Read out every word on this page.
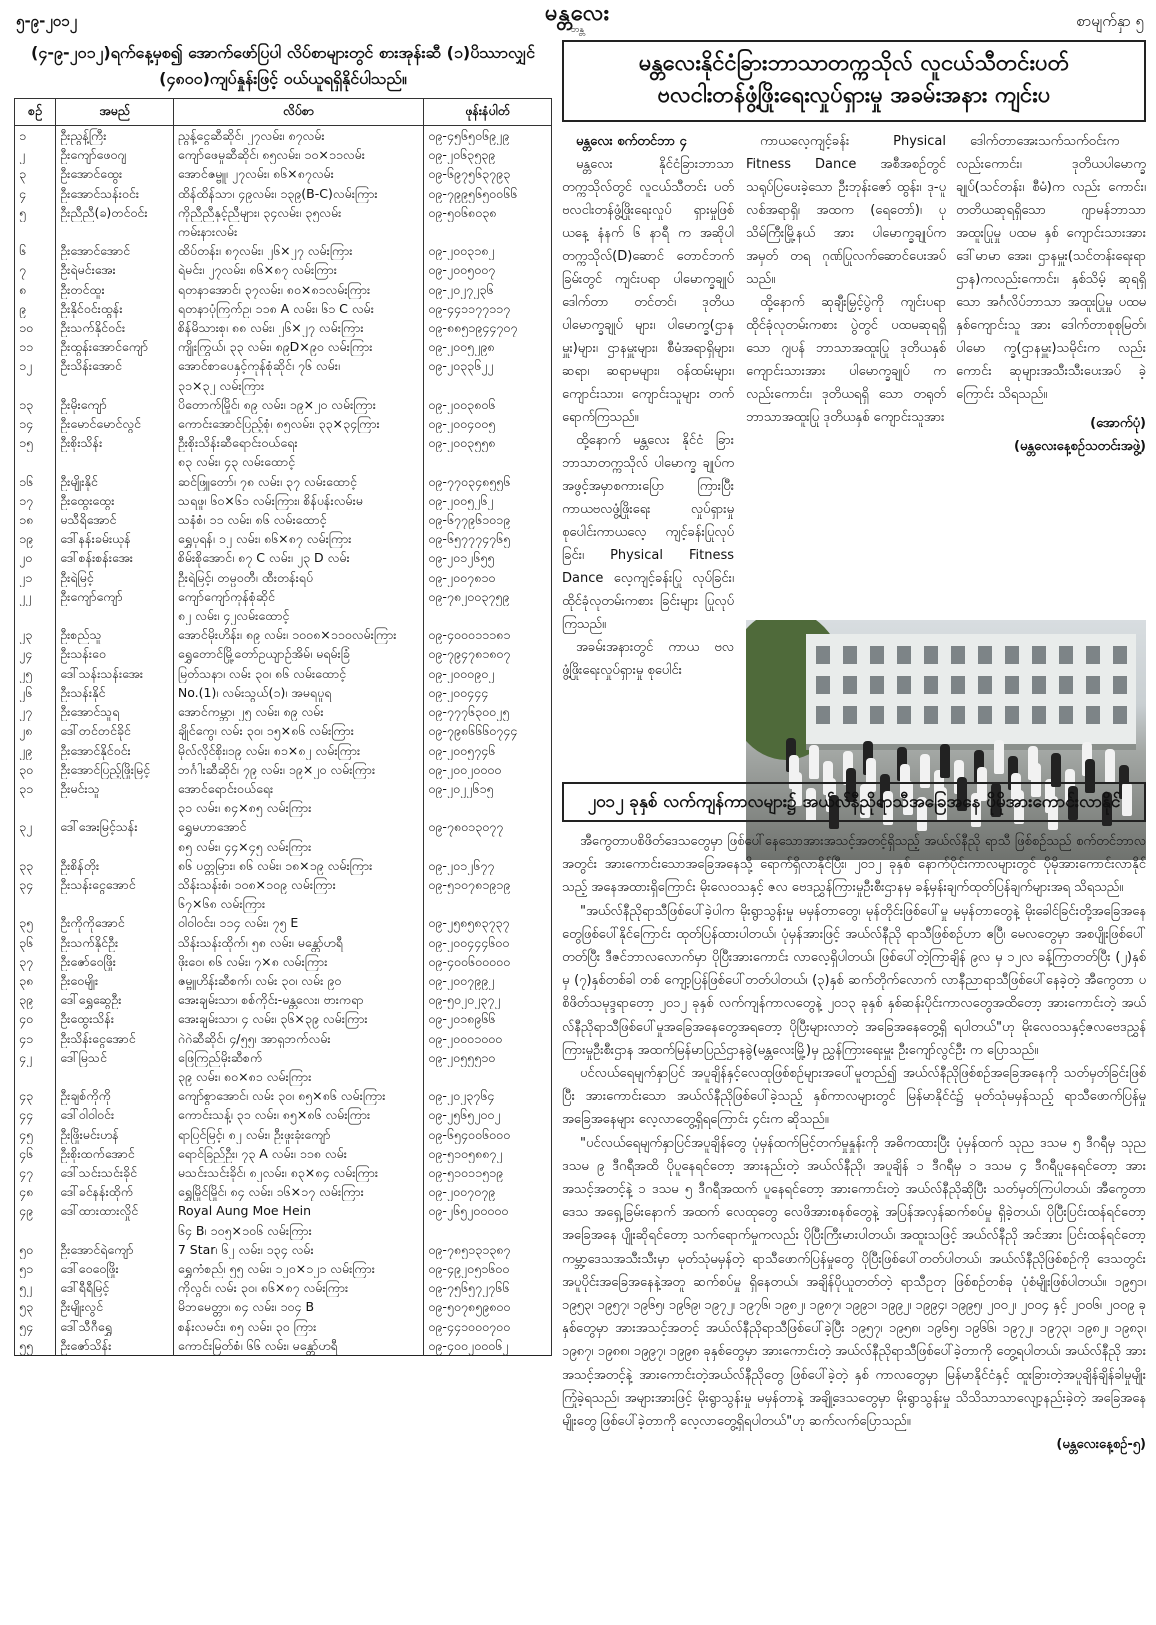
၅-၉-၂၀၁၂	မန္တလေး
ဘန္တ	စာမျက်နှာ ၅
(၄-၉-၂၀၁၂)ရက်နေ့မှစ၍ အောက်ဖော်ပြပါ လိပ်စာများတွင် စားအုန်းဆီ (၁)ပိဿာလျှင် (၄၈၀၀)ကျပ်နှုန်းဖြင့် ဝယ်ယူရရှိနိုင်ပါသည်။
စဉ်	အမည်	လိပ်စာ	ဖုန်းနံပါတ်
၁	ဦးညွန့်ကြီး	ညွန့်ငွေဆီဆိုင်၊ ၂၇လမ်း၊ ၈၇လမ်း	၀၉-၄၅၆၅၀၆၉၂၉
၂	ဦးကျော်ဖေဝဂျ	ကျော်ဖေမှုဆီဆိုင်၊ ၈၅လမ်း၊ ၁၀×၁၁လမ်း	၀၉-၂၀၆၃၅၃၉
၃	ဦးအောင်ထွေး	အောင်ဇမ္ဗူ၊ ၂၇လမ်း၊ ၈၆×၈၇လမ်း	၀၉-၆၉၇၅၆၃၇၉၃
၄	ဦးအောင်သန်းဝင်း	ထိန်ထိန်သာ၊ ၄၉လမ်း၊ ၁၃၉(B-C)လမ်းကြား	၀၉-၇၉၉၅၆၅၀၀၆၆
၅	ဦးညီညီ(ခ)တင်ဝင်း	ကိုညီညီနှင့်ညီများ၊ ၃၄လမ်း၊ ၃၅လမ်း	၀၉-၅၀၆၈၀၃၈
		ကမ်းနားလမ်း	
၆	ဦးအောင်အောင်	ထိပ်တန်း၊ ၈၇လမ်း၊ ၂၆×၂၇ လမ်းကြား	၀၉-၂၀၀၃၁၈၂
၇	ဦးရဲမင်းအေး	ရဲမင်း၊ ၂၇လမ်း၊ ၈၆×၈၇ လမ်းကြား	၀၉-၂၀၀၅၀၀၇
၈	ဦးတင်ထူး	ရတနာအောင်၊ ၃၇လမ်း၊ ၈၀×၈၁လမ်းကြား	၀၉-၂၀၂၇၂၃၆
၉	ဦးနိုင်ဝင်းထွန်း	ရတနာပုံကြက်ဥ၊ ၁၁၈ A လမ်း၊ ၆၁ C လမ်း	၀၉-၄၄၁၁၇၇၁၁၇
၁၀	ဦးသက်နိုင်ဝင်း	စိန်မိသားစု၊ ၈၈ လမ်း၊ ၂၆×၂၇ လမ်းကြား	၀၉-၈၈၅၁၉၄၄၇၀၇
၁၁	ဦးထွန်းအောင်ကျော်	ကျိုးကြွယ်၊ ၃၃ လမ်း၊ ၈၉D×၉၀ လမ်းကြား	၀၉-၂၀၀၅၂၉၈
၁၂	ဦးသိန်းအောင်	အောင်စာပေနှင့်ကုန်စုံဆိုင်၊ ၇၆ လမ်း၊	၀၉-၂၀၃၃၆၂၂
		၃၁×၃၂ လမ်းကြား	
၁၃	ဦးမိုးကျော်	ပိတောက်မြိုင်၊ ၈၉ လမ်း၊ ၁၉×၂၀ လမ်းကြား	၀၉-၂၀၀၃၈၀၆
၁၄	ဦးမောင်မောင်လွင်	ကောင်းအောင်ပြည့်စုံ၊ ၈၅လမ်း၊ ၃၃×၃၄ကြား	၀၉-၂၀၀၄၀၀၅
၁၅	ဦးစိုးသိန်း	ဦးစိုးသိန်းဆီရောင်းဝယ်ရေး	၀၉-၂၀၀၃၅၅၈
		၈၃ လမ်း၊ ၄၃ လမ်းထောင့်	
၁၆	ဦးမျိုးနိုင်	ဆင်ဖြူတော်၊ ၇၈ လမ်း၊ ၃၇ လမ်းထောင့်	၀၉-၇၇၀၃၄၈၅၅၆
၁၇	ဦးထွေးထွေး	သရဖူ၊ ၆၀×၆၁ လမ်းကြား၊ စိန်ပန်းလမ်းမ	၀၉-၂၀၀၅၂၆၂
၁၈	မသီရိအောင်	သနံစံ၊ ၁၁ လမ်း၊ ၈၆ လမ်းထောင့်	၀၉-၆၇၇၉၆၁၀၁၉
၁၉	ဒေါ်နန်းခမ်းယုန်	ရွှေပုရန်၊ ၁၂ လမ်း၊ ၈၆×၈၇ လမ်းကြား	၀၉-၆၅၇၇၇၄၇၆၅
၂၀	ဒေါ်စန်းစန်းအေး	စိမ်းစိုအောင်၊ ၈၇ C လမ်း၊ ၂၃ D လမ်း	၀၉-၂၀၁၂၆၅၅
၂၁	ဦးရဲမြင့်	ဦးရဲမြင့်၊ တမ္ပဝတီ၊ ထီးတန်းရပ်	၀၉-၂၀၀၇၈၁၀
၂၂	ဦးကျော်ကျော်	ကျော်ကျော်ကုန်စုံဆိုင်	၀၉-၇၈၂၀၀၃၇၅၉
		၈၂ လမ်း၊ ၄၂လမ်းထောင့်	
၂၃	ဦးစည်သူ	အောင်မိုးဟိန်း၊ ၈၉ လမ်း၊ ၁၀၀၈×၁၁၀လမ်းကြား	၀၉-၄၀၀၀၁၁၁၈၁
၂၄	ဦးသန်းဝေ	ရွှေတောင်မြို့တော်ဥယျာဉ်အိမ်၊ မရမ်းခြံ	၀၉-၇၉၄၇၈၁၈၀၇
၂၅	ဒေါ်သန်းသန်းအေး	မြတ်သနာ၊ လမ်း ၃၀၊ ၈၆ လမ်းထောင့်	၀၉-၂၀၀၀၉၀၂
၂၆	ဦးသန်းနိုင်	No.(1)၊ လမ်းသွယ်(၁)၊ အမရပူရ	၀၉-၂၀၀၄၄၄
၂၇	ဦးအောင်သူရ	အောင်ကမ္ဘာ၊ ၂၅ လမ်း၊ ၈၉ လမ်း	၀၉-၇၇၇၆၃၀၀၂၅
၂၈	ဒေါ်တင်တင်ခိုင်	ချိုင်ကွေ၊ လမ်း ၃၀၊ ၁၅×၈၆ လမ်းကြား	၀၉-၇၉၈၆၆၆၀၇၄၄
၂၉	ဦးအောင်နိုင်ဝင်း	မိုလ်လိုင်စိုး၊၁၉ လမ်း၊ ၈၁×၈၂ လမ်းကြား	၀၉-၂၀၀၅၇၄၆
၃၀	ဦးအောင်ပြည့်ဖြိုးမြင့်	ဘင်္ဂါးဆီဆိုင်၊ ၇၉ လမ်း၊ ၁၉×၂၀ လမ်းကြား	၀၉-၂၀၀၂၀၀၀၀
၃၁	ဦးမင်းသူ	အောင်ရောင်းဝယ်ရေး	၀၉-၂၀၂၂၆၁၅
		၃၁ လမ်း၊ ၈၄×၈၅ လမ်းကြား	
၃၂	ဒေါ်အေးမြင့်သန်း	ရွှေမဟာအောင်	၀၉-၇၈၀၁၃၀၇၇
		၈၅ လမ်း၊ ၄၄×၄၅ လမ်းကြား	
၃၃	ဦးစိန်တိုး	၈၆ ပတ္တမြား၊ ၈၆ လမ်း၊ ၁၈×၁၉ လမ်းကြား	၀၉-၂၀၁၂၆၇၇
၃၄	ဦးသန်းငွေအောင်	သိန်းသန်းစံ၊ ၁၀၈×၁၀၉ လမ်းကြား	၀၉-၅၁၀၇၈၁၉၁၉
		၆၇×၆၈ လမ်းကြား	
၃၅	ဦးကိုကိုအောင်	ဝါဝါဝင်း၊ ၁၁၄ လမ်း၊ ၇၅ E	၀၉-၂၅၈၅၈၃၇၃၇
၃၆	ဦးသက်နိုင်ဦး	သိန်းသန်းထိုက်၊ ၅၈ လမ်း၊ မန္တော်ဟရီ	၀၉-၂၀၀၄၄၄၆၀၀
၃၇	ဦးဇော်ဝေဖြိုး	ဖိုးဝေ၊ ၈၆ လမ်း၊ ၇×၈ လမ်းကြား	၀၉-၄၀၀၆၀၀၀၀၀
၃၈	ဦးဝေမျိုး	ဇမ္ဗူဟိန်းဆီစက်၊ လမ်း ၃၀၊ လမ်း ၉၀	၀၉-၂၀၀၇၉၉၂
၃၉	ဒေါ်ရွှေဆွေဦး	အေးချမ်းသာ၊ စစ်ကိုင်း-မန္တလေး၊ ဗားကရာ	၀၉-၅၀၂၀၂၃၇၂
၄၀	ဦးထွေးသိန်း	အေးချမ်းသာ၊ ၄ လမ်း၊ ၃၆×၃၉ လမ်းကြား	၀၉-၂၀၁၈၉၆၆
၄၁	ဦးသိန်းငွေအောင်	ဂဲဂဲဆီဆိုင်၊ ၄/၅၅၊ အာရှဘက်လမ်း	၀၉-၂၀၀၀၁၀၀၀
၄၂	ဒေါ်မြသင်	ဖြေကြည်မိုးဆီစက်	၀၉-၂၀၅၅၅၁၀
		၃၉ လမ်း၊ ၈၀×၈၁ လမ်းကြား	
၄၃	ဦးချစ်ကိုကို	ကျော်စွာအောင်၊ လမ်း ၃၀၊ ၈၅×၈၆ လမ်းကြား	၀၉-၂၀၂၃၇၆၄
၄၄	ဒေါ်ဝါဝါဝင်း	ကောင်းသန့်၊ ၃၁ လမ်း၊ ၈၅×၈၆ လမ်းကြား	၀၉-၂၅၆၅၂၀၀၂
၄၅	ဦးဖြိုးမင်းဟန်	ရာပြင်မြင့်၊ ၈၂ လမ်း၊ ဦးဖူးခုံးကျော်	၀၉-၆၅၄၀၀၆၀၀၀
၄၆	ဦးစိုးထက်အောင်	ရောင်ခြည်ဦး၊ ၇၃ A လမ်း၊ ၁၁၈ လမ်း	၀၉-၅၁၀၅၈၈၇၂
၄၇	ဒေါ်သင်းသင်းခိုင်	မသင်းသင်းခိုင်၊ ၈၂လမ်း၊ ၈၃×၈၄ လမ်းကြား	၀၉-၅၁၀၁၁၅၁၉
၄၈	ဒေါ်ခင်နန်းထိုက်	ရွှေမြိုင်မြိုင်၊ ၈၄ လမ်း၊ ၁၆×၁၇ လမ်းကြား	၀၉-၂၀၀၇၀၇၉
၄၉	ဒေါ်ထားထားလှိုင်	Royal Aung Moe Hein	၀၉-၂၆၅၂၀၀၀၀၀
		၆၄ B၊ ၁၀၅×၁၀၆ လမ်းကြား	
၅၀	ဦးအောင်ရဲကျော်	7 Star၊ ၆၂ လမ်း၊ ၁၃၄ လမ်း	၀၉-၇၈၅၁၃၁၃၈၇
၅၁	ဒေါ်ဝေဝေဖြိုး	ရွှေကံစည်၊ ၅၅ လမ်း၊ ၁၂၀×၁၂၁ လမ်းကြား	၀၉-၄၉၂၀၅၁၆၀၀
၅၂	ဒေါ်ရီရီမြင့်	ကိုလွင်၊ လမ်း ၃၀၊ ၈၆×၈၇ လမ်းကြား	၀၉-၇၅၆၅၇၂၇၆၆
၅၃	ဦးမျိုးလွင်	မိဘမေတ္တာ၊ ၈၄ လမ်း၊ ၁၀၄ B	၀၉-၅၀၇၈၅၉၈၀၀
၅၄	ဒေါ်သီဂီရွှေ	စန်းလမင်း၊ ၈၅ လမ်း၊ ၃၀ ကြား	၀၉-၄၄၁၀၀၀၇၀၀
၅၅	ဦးဇော်သိန်း	ကောင်းမြတ်စံ၊ ၆၆ လမ်း၊ မန္တော်ဟရီ	၀၉-၄၀၀၂၀၀၀၆၂
မန္တလေးနိုင်ငံခြားဘာသာတက္ကသိုလ် လူငယ်သီတင်းပတ်
ဗလငါးတန်ဖွံ့ဖြိုးရေးလှုပ်ရှားမှု အခမ်းအနား ကျင်းပ

မန္တလေး စက်တင်ဘာ ၄

မန္တလေး နိုင်ငံခြားဘာသာ တက္ကသိုလ်တွင် လူငယ်သီတင်း ပတ် ဗလငါးတန်ဖွံ့ဖြိုးရေးလှုပ် ရှားမှုဖြစ် ယနေ့ နံနက် ၆ နာရီ က အဆိုပါတက္ကသိုလ်(D)ဆောင် တောင်ဘက်ခြမ်းတွင် ကျင်းပရာ ပါမောက္ခချုပ် ဒေါက်တာ တင်တင်၊ ဒုတိယပါမောက္ခချုပ် များ၊ ပါမောက္ခ(ဌာနမှူး)များ၊ ဌာနမှူးများ၊ စီမံအရာရှိများ၊ ဆရာ၊ ဆရာမများ၊ ဝန်ထမ်းများ၊ ကျောင်းသား၊ ကျောင်းသူများ တက်ရောက်ကြသည်။

ထို့နောက် မန္တလေး နိုင်ငံ ခြားဘာသာတက္ကသိုလ် ပါမောက္ခ ချုပ်က အဖွင့်အမှာစကားပြော ကြားပြီး ကာယဗလဖွံ့ဖြိုးရေး လှုပ်ရှားမှု စုပေါင်းကာယလေ့ ကျင့်ခန်းပြုလုပ်ခြင်း၊ Physical Fitness Dance လေ့ကျင့်ခန်းပြု လုပ်ခြင်း၊ ထိုင်ခုံလုတမ်းကစား ခြင်းများ ပြုလုပ်ကြသည်။

အခမ်းအနားတွင် ကာယ ဗလ ဖွံ့ဖြိုးရေးလှုပ်ရှားမှု စုပေါင်း

ကာယလေ့ကျင့်ခန်း Physical Fitness Dance အစီအစဉ်တွင် သရုပ်ပြပေးခဲ့သော ဦးဘုန်းဇော် ထွန်း၊ ဒု-ပူလစ်အရာရှိ၊ အထက (ရေတော်)၊ ပုသိမ်ကြီးမြို့နယ် အား ပါမောက္ခချုပ်က အမှတ် တရ ဂုဏ်ပြုလက်ဆောင်ပေးအပ် သည်။

ထို့နောက် ဆုချီးမြှင့်ပွဲကို ကျင်းပရာ ထိုင်ခုံလုတမ်းကစား ပွဲတွင် ပထမဆုရရှိသော ဂျပန် ဘာသာအထူးပြု ဒုတိယနှစ် ကျောင်းသားအား ပါမောက္ခချုပ် ကလည်းကောင်း၊ ဒုတိယရရှိ သော တရုတ်ဘာသာအထူးပြု ဒုတိယနှစ် ကျောင်းသူအား

ဒေါက်တာအေးသက်သက်ဝင်းက လည်းကောင်း၊ ဒုတိယပါမောက္ခ ချုပ်(သင်တန်း၊ စီမံ)က လည်း ကောင်း၊ တတိယဆုရရှိသော ဂျာမန်ဘာသာအထူးပြုမှု ပထမ နှစ် ကျောင်းသားအား ဒေါ်မာမာ အေး၊ ဌာနမှူး(သင်တန်းရေးရာ ဌာန)ကလည်းကောင်း၊ နှစ်သိမ့် ဆုရရှိသော အင်္ဂလိပ်ဘာသာ အထူးပြုမှု ပထမနှစ်ကျောင်းသူ အား ဒေါက်တာစုစုမြတ်၊ ပါမော က္ခ(ဌာနမှူး)သမိုင်းက လည်း ကောင်း ဆုများအသီးသီးပေးအပ် ခဲ့ကြောင်း သိရသည်။

(အောက်ပုံ)
(မန္တလေးနေ့စဉ်သတင်းအဖွဲ့)
၂၀၁၂ ခုနှစ် လက်ကျန်ကာလများ၌ အယ်လ်နီညိုရာသီအခြေအနေ ပိုမိုအားကောင်းလာနိုင်

အီကွေတာပစိဖိတ်ဒေသတွေမှာ ဖြစ်ပေါ်နေသောအားအသင့်အတင့်ရှိသည့် အယ်လ်နီညို ရာသီ ဖြစ်စဉ်သည် စက်တင်ဘာလအတွင်း အားကောင်းသောအခြေအနေသို့ ရောက်ရှိလာနိုင်ပြီး၊ ၂၀၁၂ ခုနှစ် နောက်ပိုင်းကာလများတွင် ပိုမိုအားကောင်းလာနိုင်သည့် အနေအထားရှိကြောင်း မိုးလေဝသနှင့် ဇလ ဗေဒညွှန်ကြားမှုဦးစီးဌာနမှ ခန့်မှန်းချက်ထုတ်ပြန်ချက်များအရ သိရသည်။

"အယ်လ်နီညိုရာသီဖြစ်ပေါ်ခဲ့ပါက မိုးရွာသွန်းမှု မမှန်တာတွေ၊ မုန်တိုင်းဖြစ်ပေါ်မှု မမှန်တာတွေနဲ့ မိုးခေါင်ခြင်းတို့အခြေအနေတွေဖြစ်ပေါ်နိုင်ကြောင်း ထုတ်ပြန်ထားပါတယ်၊ ပုံမှန်အားဖြင့် အယ်လ်နီညို ရာသီဖြစ်စဉ်ဟာ ဧပြီ၊ မေလတွေမှာ အစပျိုးဖြစ်ပေါ်တတ်ပြီး ဒီဇင်ဘာလလောက်မှာ ပိုပြီးအားကောင်း လာလေ့ရှိပါတယ်၊ ဖြစ်ပေါ်တဲ့ကြာချိန် ၉လ မှ ၁၂လ ခန့်ကြာတတ်ပြီး (၂)နှစ်မှ (၇)နှစ်တစ်ခါ တစ် ကျော့ပြန်ဖြစ်ပေါ်တတ်ပါတယ်၊ (၃)နှစ် ဆက်တိုက်လောက် လာနီညာရာသီဖြစ်ပေါ်နေခဲ့တဲ့ အီကွေတာ ပစိဖိတ်သမုဒ္ဒရာတော့ ၂၀၁၂ ခုနှစ် လက်ကျန်ကာလတွေနဲ့ ၂၀၁၃ ခုနှစ် နှစ်ဆန်းပိုင်းကာလတွေအထိတော့ အားကောင်းတဲ့ အယ်လ်နီညိုရာသီဖြစ်ပေါ်မှုအခြေအနေတွေအရတော့ ပိုပြီးများလာတဲ့ အခြေအနေတွေ့ရှိ ရပါတယ်"ဟု မိုးလေဝသနှင့်ဇလဗေဒညွှန်ကြားမှုဦးစီးဌာန အထက်မြန်မာပြည်ဌာနခွဲ(မန္တလေးမြို့)မှ ညွှန်ကြားရေးမှူး ဦးကျော်လွင်ဦး က ပြောသည်။

ပင်လယ်ရေမျက်နှာပြင် အပူချိန်နှင့်လေထုဖြစ်စဉ်များအပေါ်မူတည်၍ အယ်လ်နီညိုဖြစ်စဉ်အခြေအနေကို သတ်မှတ်ခြင်းဖြစ်ပြီး အားကောင်းသော အယ်လ်နီညိုဖြစ်ပေါ်ခဲ့သည့် နှစ်ကာလများတွင် မြန်မာနိုင်ငံ၌ မုတ်သုံမမှန်သည့် ရာသီဖောက်ပြန်မှုအခြေအနေများ လေ့လာတွေ့ရှိရကြောင်း ၄င်းက ဆိုသည်။

"ပင်လယ်ရေမျက်နှာပြင်အပူချိန်တွေ ပုံမှန်ထက်မြင့်တက်မှုနှုန်းကို အဓိကထားပြီး ပုံမှန်ထက် သုည ဒသမ ၅ ဒီဂရီမှ သုည ဒသမ ၉ ဒီဂရီအထိ ပိုပူနေရင်တော့ အားနည်းတဲ့ အယ်လ်နီညို၊ အပူချိန် ၁ ဒီဂရီမှ ၁ ဒသမ ၄ ဒီဂရီပူနေရင်တော့ အားအသင့်အတင့်နဲ့ ၁ ဒသမ ၅ ဒီဂရီအထက် ပူနေရင်တော့ အားကောင်းတဲ့ အယ်လ်နီညိုဆိုပြီး သတ်မှတ်ကြပါတယ်၊ အီကွေတာဒေသ အရှေ့ခြမ်းနောက် အထက် လေထုတွေ လေဖိအားစနစ်တွေနဲ့ အပြန်အလှန်ဆက်စပ်မှု ရှိခဲ့တယ်၊ ပိုပြီးပြင်းထန်ရင်တော့ အခြေအနေ ပျိုးဆိုရင်တော့ သက်ရောက်မှုကလည်း ပိုပြီးကြီးမားပါတယ်၊ အထူးသဖြင့် အယ်လ်နီညို အင်အား ပြင်းထန်ရင်တော့ ကမ္ဘာ့ဒေသအသီးသီးမှာ မုတ်သုံမမှန်တဲ့ ရာသီဖောက်ပြန်မှုတွေ ပိုပြီးဖြစ်ပေါ်တတ်ပါတယ်၊ အယ်လ်နီညိုဖြစ်စဉ်ကို ဒေသတွင်း အပူပိုင်းအခြေအနေနဲ့အတူ ဆက်စပ်မှု ရှိနေတယ်၊ အချိန်ပိုယူတတ်တဲ့ ရာသီဥတု ဖြစ်စဉ်တစ်ခု ပုံစံမျိုးဖြစ်ပါတယ်။ ၁၉၅၁၊ ၁၉၅၃၊ ၁၉၅၇၊ ၁၉၆၅၊ ၁၉၆၉၊ ၁၉၇၂၊ ၁၉၇၆၊ ၁၉၈၂၊ ၁၉၈၇၊ ၁၉၉၁၊ ၁၉၉၂၊ ၁၉၉၄၊ ၁၉၉၅၊ ၂၀၀၂၊ ၂၀၀၄ နှင့် ၂၀၀၆၊ ၂၀၀၉ ခုနှစ်တွေမှာ အားအသင့်အတင့် အယ်လ်နီညိုရာသီဖြစ်ပေါ်ခဲ့ပြီး ၁၉၅၇၊ ၁၉၅၈၊ ၁၉၆၅၊ ၁၉၆၆၊ ၁၉၇၂၊ ၁၉၇၃၊ ၁၉၈၂၊ ၁၉၈၃၊ ၁၉၈၇၊ ၁၉၈၈၊ ၁၉၉၇၊ ၁၉၉၈ ခုနှစ်တွေမှာ အားကောင်းတဲ့ အယ်လ်နီညိုရာသီဖြစ်ပေါ်ခဲ့တာကို တွေ့ရပါတယ်၊ အယ်လ်နီညို အားအသင့်အတင့်နဲ့ အားကောင်းတဲ့အယ်လ်နီညိုတွေ ဖြစ်ပေါ်ခဲ့တဲ့ နှစ် ကာလတွေမှာ မြန်မာနိုင်ငံနှင့် ထူးခြားတဲ့အပူချိန်ချိန်ခါမှုမျိုး ကြုံခဲ့ရသည်၊ အများအားဖြင့် မိုးရွာသွန်းမှု မမှန်တာနဲ့ အချို့ဒေသတွေမှာ မိုးရွာသွန်းမှု သိသိသာသာလျော့နည်းခဲ့တဲ့ အခြေအနေမျိုးတွေ ဖြစ်ပေါ်ခဲ့တာကို လေ့လာတွေ့ရှိရပါတယ်"ဟု ဆက်လက်ပြောသည်။

(မန္တလေးနေ့စဉ်-၅)
